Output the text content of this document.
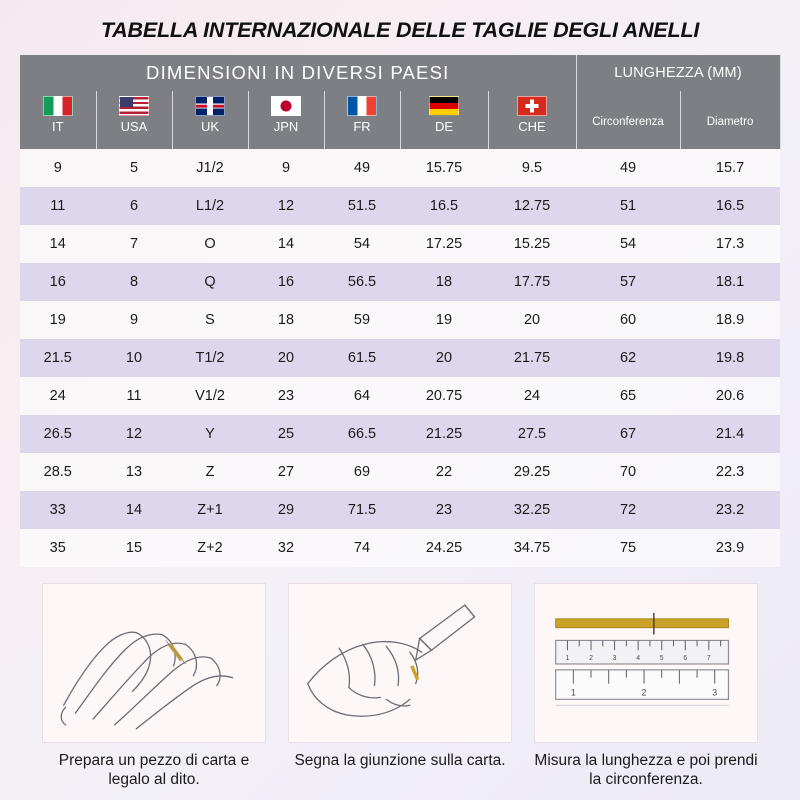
TABELLA INTERNAZIONALE DELLE TAGLIE DEGLI ANELLI
DIMENSIONI IN DIVERSI PAESI							LUNGHEZZA (MM)	

IT	USA	UK	JPN	FR	DE	CHE	Circonferenza	Diametro

9	5	J1/2	9	49	15.75	9.5	49	15.7
11	6	L1/2	12	51.5	16.5	12.75	51	16.5
14	7	O	14	54	17.25	15.25	54	17.3
16	8	Q	16	56.5	18	17.75	57	18.1
19	9	S	18	59	19	20	60	18.9
21.5	10	T1/2	20	61.5	20	21.75	62	19.8
24	11	V1/2	23	64	20.75	24	65	20.6
26.5	12	Y	25	66.5	21.25	27.5	67	21.4
28.5	13	Z	27	69	22	29.25	70	22.3
33	14	Z+1	29	71.5	23	32.25	72	23.2
35	15	Z+2	32	74	24.25	34.75	75	23.9
Prepara un pezzo di carta e legalo al dito.
Segna la giunzione sulla carta.
1	2	3	4	5	6	7
1	2	3
Misura la lunghezza e poi prendi la circonferenza.
